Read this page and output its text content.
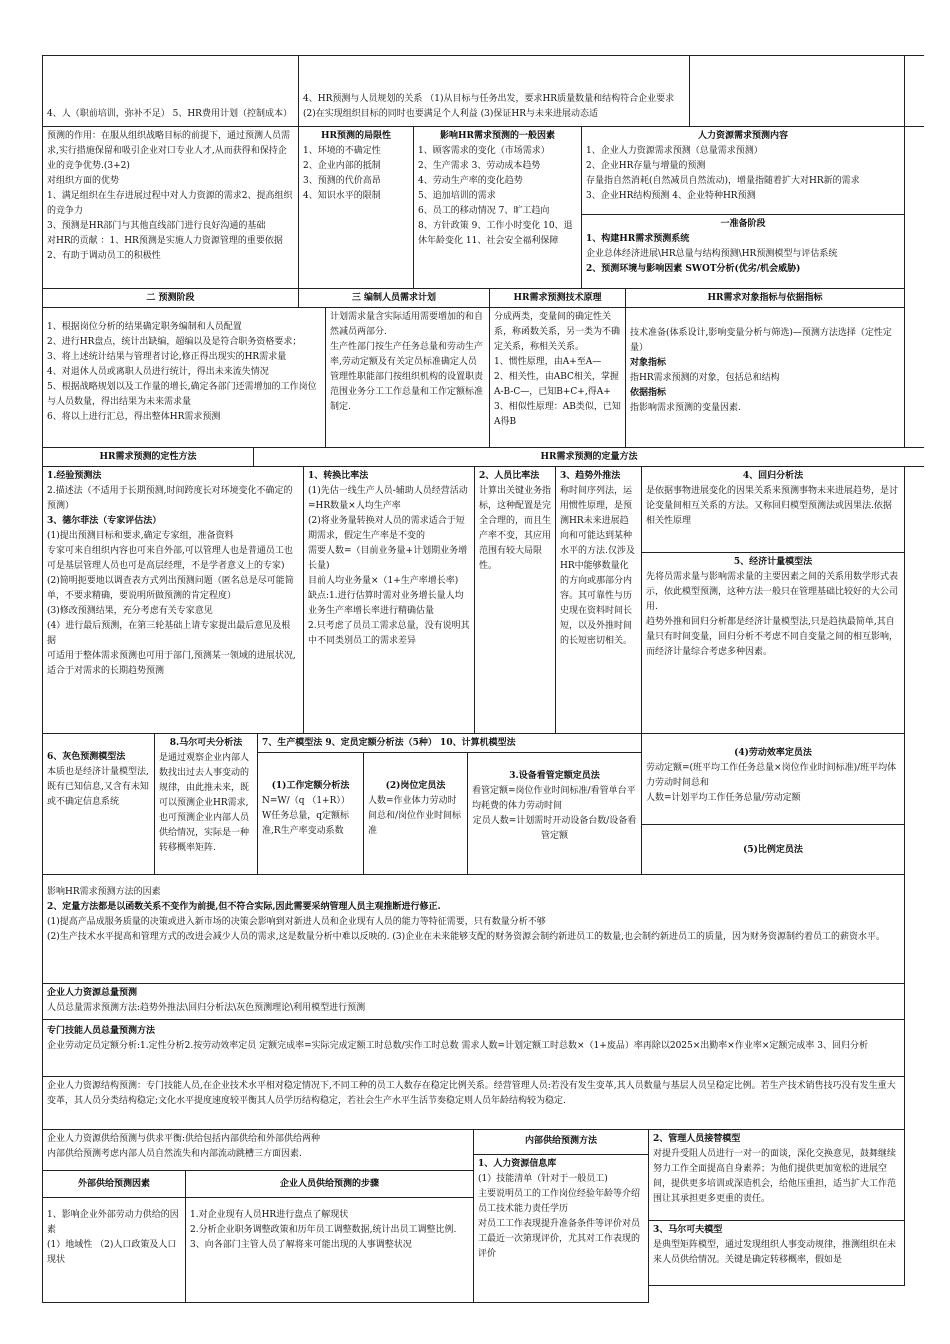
4、人（职前培训，弥补不足） 5、HR费用计划（控制成本）
4、HR预测与人员规划的关系 （1)从目标与任务出发，要求HR质量数量和结构符合企业要求 (2)在实现组织目标的同时也要满足个人利益 (3)保证HR与未来进展动态适
预测的作用：在服从组织战略目标的前提下，通过预测人员需求,实行措施保留和吸引企业对口专业人才,从而获得和保持企业的竞争优势.(3+2)
对组织方面的优势
1、满足组织在生存进展过程中对人力资源的需求2、提高组织的竞争力
3、预测是HR部门与其他直线部门进行良好沟通的基础
对HR的贡献 ：1、HR预测是实施人力资源管理的重要依据 2、有助于调动员工的积极性
HR预测的局限性
1、环境的不确定性
2、企业内部的抵制
3、预测的代价高昂
4、知识水平的限制
影响HR需求预测的一般因素
1、顾客需求的变化（市场需求）
2、生产需求 3、劳动成本趋势
4、劳动生产率的变化趋势
5、追加培训的需求
6、员工的移动情况 7、旷工趋向
8、方针政策 9、工作小时变化 10、退休年龄变化 11、社会安全福利保障
人力资源需求预测内容
1、企业人力资源需求预测（总量需求预测）
2、企业HR存量与增量的预测
存量指自然消耗(自然减员自然流动)，增量指随着扩大对HR新的需求
3、企业HR结构预测 4、企业特种HR预测
一准备阶段
1、构建HR需求预测系统
企业总体经济进展\HR总量与结构预测\HR预测模型与评估系统
2、预测环境与影响因素 SWOT分析(优劣/机会威胁)
二 预测阶段	三 编制人员需求计划	HR需求预测技术原理	HR需求对象指标与依据指标
1、根据岗位分析的结果确定职务编制和人员配置
2、进行HR盘点，统计出缺编，超编以及是符合职务资格要求；
3、将上述统计结果与管理者讨论,修正得出现实的HR需求量
4、对退休人员或离职人员进行统计，得出未来流失情况
5、根据战略规划以及工作量的增长,确定各部门还需增加的工作岗位与人员数量，得出结果为未来需求量
6、将以上进行汇总，得出整体HR需求预测
计划需求量含实际适用需要增加的和自然减员两部分.
生产性部门按生产任务总量和劳动生产率,劳动定额及有关定员标准确定人员
管理性职能部门按组织机构的设置职责范围业务分工工作总量和工作定额标准制定.
分成两类，变量间的确定性关系，称函数关系，另一类为不确定关系，称相关关系。
1、惯性原理，由A+至A—
2、相关性，由ABC相关，掌握A-B-C—，已知B+C+,得A+
3、相似性原理：AB类似，已知A得B
技术准备(体系设计,影响变量分析与筛选)—预测方法选择（定性定量）
对象指标
指HR需求预测的对象，包括总和结构
依据指标
指影响需求预测的变量因素.
HR需求预测的定性方法	HR需求预测的定量方法
1.经验预测法
2.描述法（不适用于长期预测,时间跨度长对环境变化不确定的预测）
3、德尔菲法（专家评估法）
(1)提出预测目标和要求,确定专家组，准备资料
专家可来自组织内容也可来自外部,可以管理人也是普通员工也可是基层管理人员也可是高层经理，不是学者意义上的专家)
(2)简明扼要地以调查表方式列出预测问题（匿名总是尽可能简单，不要求精确，要说明所做预测的肯定程度）
(3)修改预测结果，充分考虑有关专家意见
(4）进行最后预测，在第三轮基础上请专家提出最后意见及根据
可适用于整体需求预测也可用于部门,预测某一领域的进展状况,适合于对需求的长期趋势预测
1、转换比率法
(1)先估一线生产人员-辅助人员经营活动=HR数量×人均生产率
(2)将业务量转换对人员的需求适合于短期需求，假定生产率是不变的
需要人数=（目前业务量+计划期业务增长量)
目前人均业务量×（1+生产率增长率)
缺点:1.进行估算时需对业务增长量人均业务生产率增长率进行精确估量
2.只考虑了员员工需求总量，没有说明其中不同类别员工的需求差异
2、人员比率法
计算出关键业务指标，这种配置是完全合理的，而且生产率不变，其应用范围有较大局限性。
3、趋势外推法
称时间序列法，运用惯性原理，是预测HR未来进展趋向和可能达到某种水平的方法.仅涉及HR中能够数量化的方向或那部分内容。其可靠性与历史现在资料时间长短，以及外推时间的长短密切相关。
4、回归分析法
是依据事物进展变化的因果关系来预测事物未来进展趋势，是讨论变量间相互关系的方法。又称回归模型预测法或因果法.依据相关性原理
5、经济计量模型法
先将员需求量与影响需求量的主要因素之间的关系用数学形式表示，依此模型预测，这种方法一般只在管理基础比较好的大公司用.
趋势外推和回归分析都是经济计量模型法,只是趋执最简单,其自量只有时间变量，回归分析不考虑不同自变量之间的相互影响，而经济计量综合考虑多种因素。
6、灰色预测模型法
本质也是经济计量模型法,既有已知信息,又含有未知或不确定信息系统
8.马尔可夫分析法
是通过观察企业内部人数找出过去人事变动的规律，由此推未来，既可以预测企业HR需求,也可预测企业内部人员供给情况，实际是一种转移概率矩阵.
7、生产模型法 9、定员定额分析法（5种） 10、计算机模型法
(1)工作定额分析法
N=W/（q （1+R））
W任务总量，q定额标准,R生产率变动系数
(2)岗位定员法
人数=作业体力劳动时间总和/岗位作业时间标准
3.设备看管定额定员法
看管定额=岗位作业时间标准/看管单台平均耗费的体力劳动时间
定员人数=计划需时开动设备台数/设备看管定额
(4)劳动效率定员法
劳动定额=(班平均工作任务总量×岗位作业时间标准)/班平均体力劳动时间总和
人数=计划平均工作任务总量/劳动定额
(5)比例定员法
影响HR需求预测方法的因素
2、定量方法都是以函数关系不变作为前提,但不符合实际,因此需要采纳管理人员主观推断进行修正.
(1)提高产品成服务质量的决策或进入新市场的决策会影响到对新进人员和企业现有人员的能力等特征需要，只有数量分析不够
(2)生产技术水平提高和管理方式的改进会减少人员的需求,这是数量分析中难以反映的. (3)企业在未来能够支配的财务资源会制约新进员工的数量,也会制约新进员工的质量，因为财务资源制约着员工的薪资水平。
企业人力资源总量预测
人员总量需求预测方法:趋势外推法\回归分析法\灰色预测理论\利用模型进行预测
专门技能人员总量预测方法
企业劳动定员定额分析:1.定性分析2.按劳动效率定员 定额完成率=实际完成定额工时总数/实作工时总数 需求人数=计划定额工时总数×（1+废品）率再除以2025×出勤率×作业率×定额完成率 3、回归分析
企业人力资源结构预测：专门技能人员,在企业技术水平相对稳定情况下,不同工种的员工人数存在稳定比例关系。经营管理人员:若没有发生变革,其人员数量与基层人员呈稳定比例。若生产技术销售技巧没有发生重大变革，其人员分类结构稳定;文化水平提度速度较平衡其人员学历结构稳定，若社会生产水平生活节奏稳定则人员年龄结构较为稳定.
企业人力资源供给预测与供求平衡:供给包括内部供给和外部供给两种
内部供给预测考虑内部人员自然流失和内部流动跳槽三方面因素.
外部供给预测因素	企业人员供给预测的步骤
1、影响企业外部劳动力供给的因素
(1）地域性 （2)人口政策及人口现状
1.对企业现有人员HR进行盘点了解现状
2.分析企业职务调整政策和历年员工调整数据,统计出员工调整比例.
3、向各部门主管人员了解将来可能出现的人事调整状况
内部供给预测方法
1、人力资源信息库
(1）技能清单（针对于一般员工)
主要说明员工的工作岗位经验年龄等介绍员工技术能力责任学历
对员工工作表现提升准备条件等评价对员工最近一次第现评价，尤其对工作表现的评价
2、管理人员接替模型
对提升受阻人员进行一对一的面谈，深化交换意见，鼓舞继续努力工作全面提高自身素养；为他们提供更加宽松的进展空间，提供更多培训或深造机会，给他压重担，适当扩大工作范围让其承担更多更重的责任。
3、马尔可夫模型
是典型矩阵模型，通过发现组织人事变动规律，推测组织在未来人员供给情况。关键是确定转移概率，假如是
